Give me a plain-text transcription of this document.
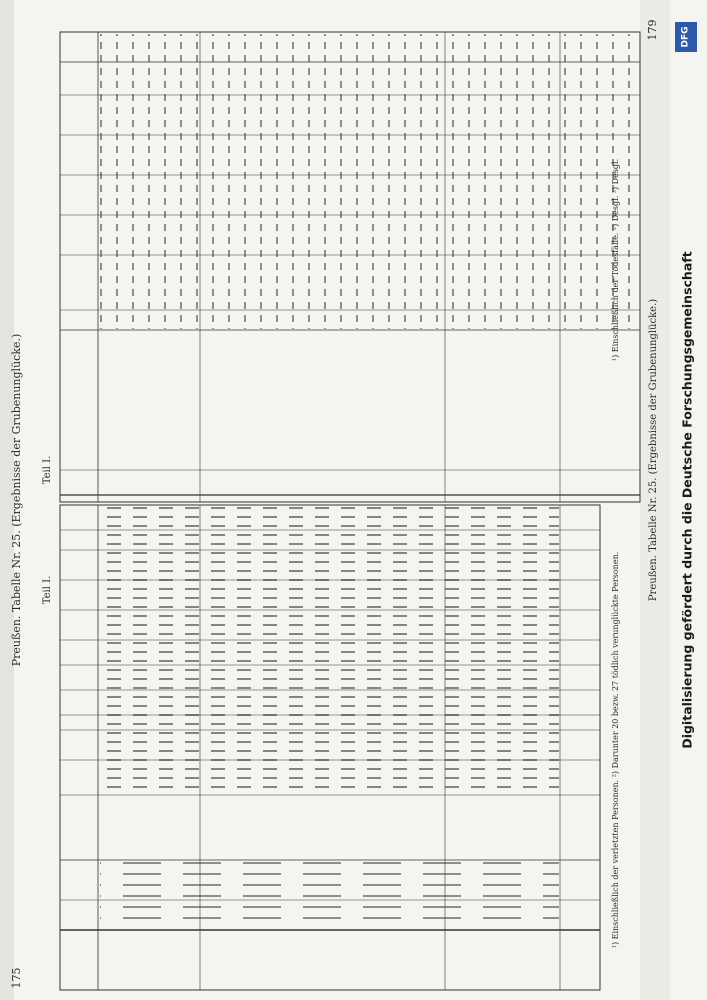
Preußen. Tabelle Nr. 25. (Ergebnisse der Grubenunglücke.)
175
Preußen. Tabelle Nr. 25. (Ergebnisse der Grubenunglücke.)
179
Teil I.
Teil I.
¹) Einschließlich der verletzten Personen. ²) Darunter 20 bezw. 27 tödlich verunglückte Personen.
¹) Einschließlich der Todesfälle. ²) Desgl. ³) Desgl.
DFG
Digitalisierung gefördert durch die Deutsche Forschungsgemeinschaft
